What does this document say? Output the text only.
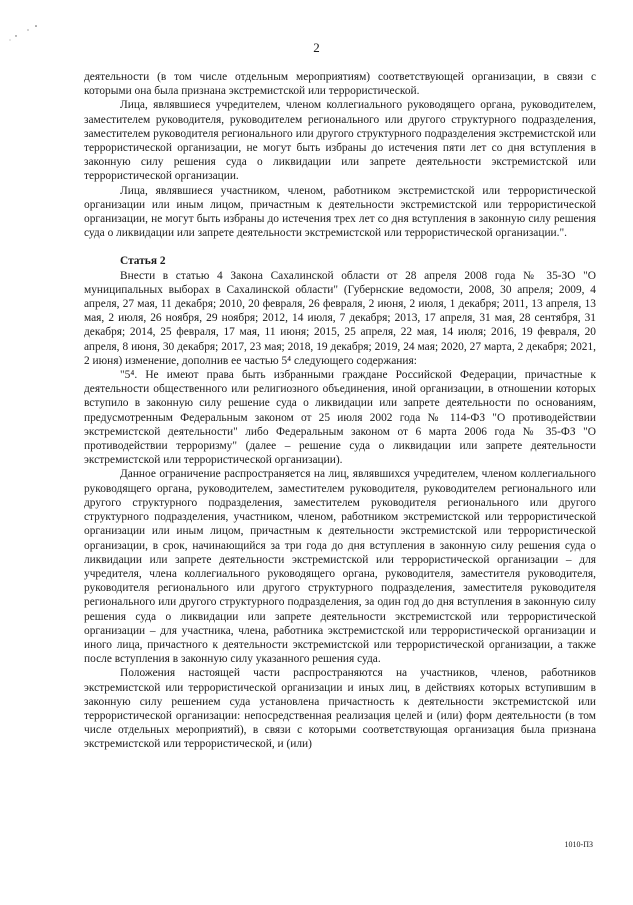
2

деятельности (в том числе отдельным мероприятиям) соответствующей организации, в связи с которыми она была признана экстремистской или террористической.

Лица, являвшиеся учредителем, членом коллегиального руководящего органа, руководителем, заместителем руководителя, руководителем регионального или другого структурного подразделения, заместителем руководителя регионального или другого структурного подразделения экстремистской или террористической организации, не могут быть избраны до истечения пяти лет со дня вступления в законную силу решения суда о ликвидации или запрете деятельности экстремистской или террористической организации.

Лица, являвшиеся участником, членом, работником экстремистской или террористической организации или иным лицом, причастным к деятельности экстремистской или террористической организации, не могут быть избраны до истечения трех лет со дня вступления в законную силу решения суда о ликвидации или запрете деятельности экстремистской или террористической организации.".

Статья 2

Внести в статью 4 Закона Сахалинской области от 28 апреля 2008 года № 35-ЗО "О муниципальных выборах в Сахалинской области" (Губернские ведомости, 2008, 30 апреля; 2009, 4 апреля, 27 мая, 11 декабря; 2010, 20 февраля, 26 февраля, 2 июня, 2 июля, 1 декабря; 2011, 13 апреля, 13 мая, 2 июля, 26 ноября, 29 ноября; 2012, 14 июля, 7 декабря; 2013, 17 апреля, 31 мая, 28 сентября, 31 декабря; 2014, 25 февраля, 17 мая, 11 июня; 2015, 25 апреля, 22 мая, 14 июля; 2016, 19 февраля, 20 апреля, 8 июня, 30 декабря; 2017, 23 мая; 2018, 19 декабря; 2019, 24 мая; 2020, 27 марта, 2 декабря; 2021, 2 июня) изменение, дополнив ее частью 5⁴ следующего содержания:

"5⁴. Не имеют права быть избранными граждане Российской Федерации, причастные к деятельности общественного или религиозного объединения, иной организации, в отношении которых вступило в законную силу решение суда о ликвидации или запрете деятельности по основаниям, предусмотренным Федеральным законом от 25 июля 2002 года № 114-ФЗ "О противодействии экстремистской деятельности" либо Федеральным законом от 6 марта 2006 года № 35-ФЗ "О противодействии терроризму" (далее – решение суда о ликвидации или запрете деятельности экстремистской или террористической организации).

Данное ограничение распространяется на лиц, являвшихся учредителем, членом коллегиального руководящего органа, руководителем, заместителем руководителя, руководителем регионального или другого структурного подразделения, заместителем руководителя регионального или другого структурного подразделения, участником, членом, работником экстремистской или террористической организации или иным лицом, причастным к деятельности экстремистской или террористической организации, в срок, начинающийся за три года до дня вступления в законную силу решения суда о ликвидации или запрете деятельности экстремистской или террористической организации – для учредителя, члена коллегиального руководящего органа, руководителя, заместителя руководителя, руководителя регионального или другого структурного подразделения, заместителя руководителя регионального или другого структурного подразделения, за один год до дня вступления в законную силу решения суда о ликвидации или запрете деятельности экстремистской или террористической организации – для участника, члена, работника экстремистской или террористической организации и иного лица, причастного к деятельности экстремистской или террористической организации, а также после вступления в законную силу указанного решения суда.

Положения настоящей части распространяются на участников, членов, работников экстремистской или террористической организации и иных лиц, в действиях которых вступившим в законную силу решением суда установлена причастность к деятельности экстремистской или террористической организации: непосредственная реализация целей и (или) форм деятельности (в том числе отдельных мероприятий), в связи с которыми соответствующая организация была признана экстремистской или террористической, и (или)

1010-ПЗ
